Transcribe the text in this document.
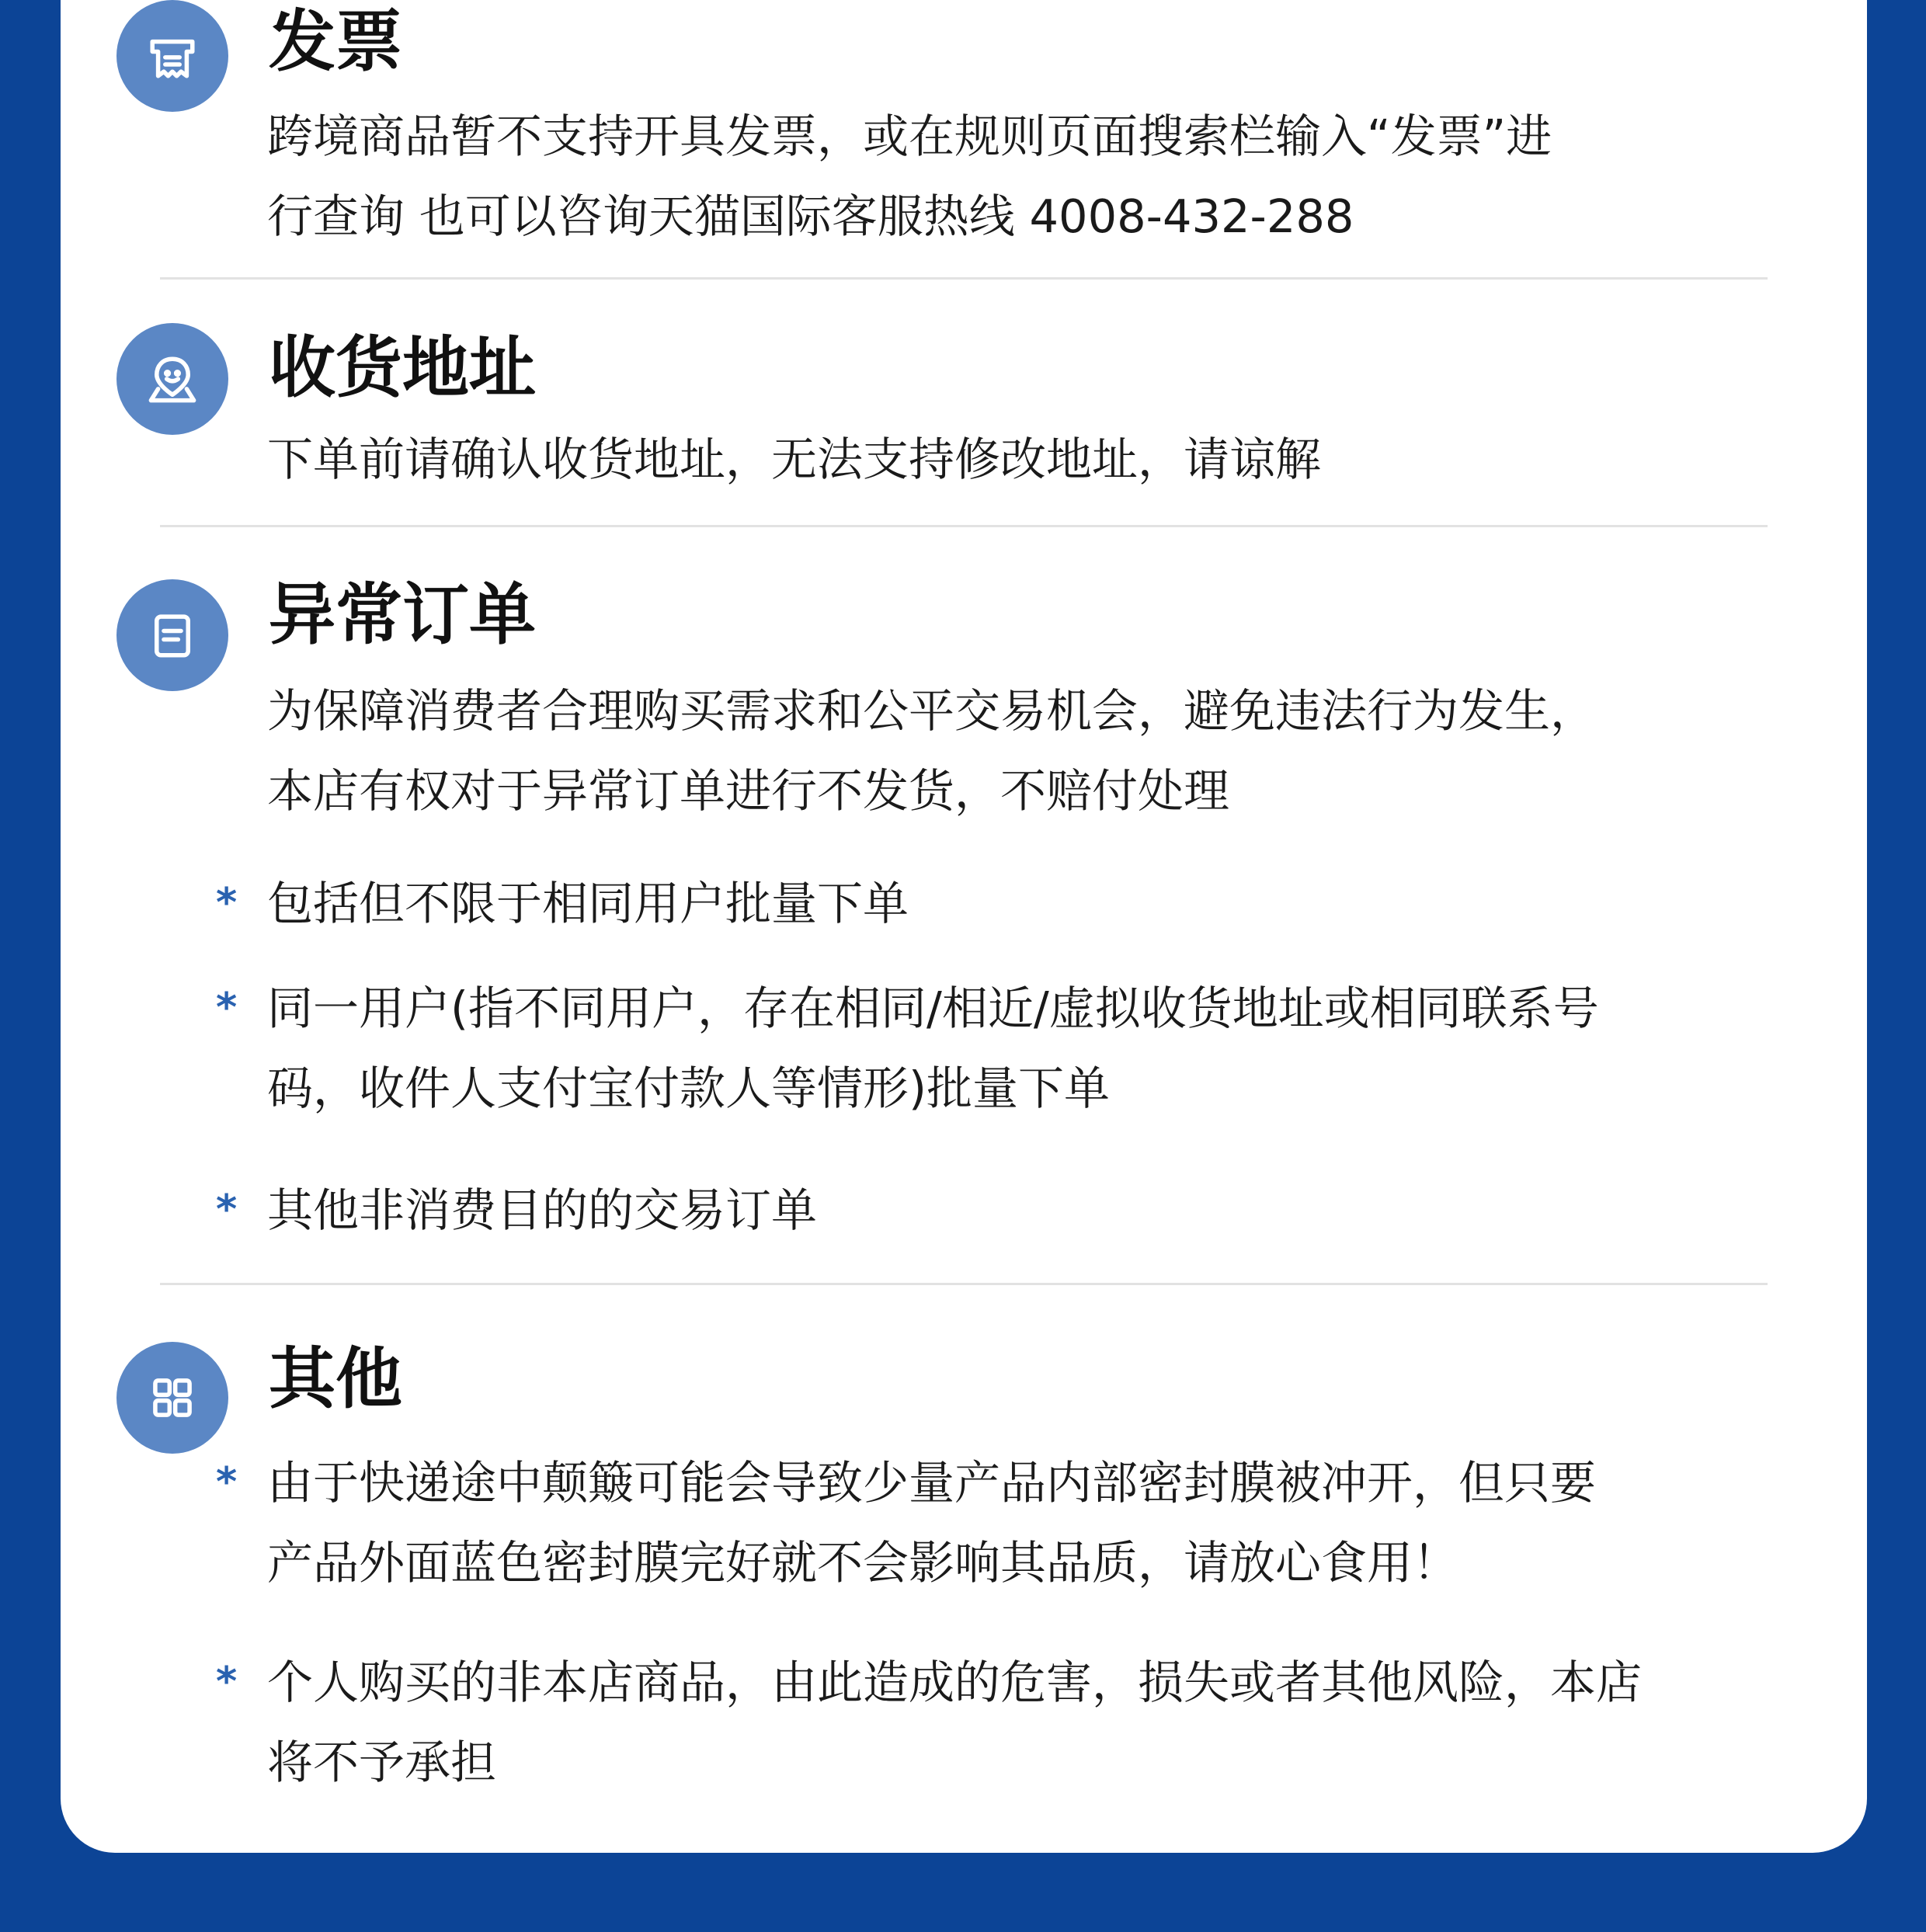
发票

跨境商品暂不支持开具发票，或在规则页面搜索栏输入“发票”进

行查询 也可以咨询天猫国际客服热线 4008-432-288

收货地址

下单前请确认收货地址，无法支持修改地址，请谅解

异常订单

为保障消费者合理购买需求和公平交易机会，避免违法行为发生，

本店有权对于异常订单进行不发货，不赔付处理

* 包括但不限于相同用户批量下单
* 同一用户(指不同用户，存在相同/相近/虚拟收货地址或相同联系号
码，收件人支付宝付款人等情形)批量下单
* 其他非消费目的的交易订单
其他
* 由于快递途中颠簸可能会导致少量产品内部密封膜被冲开，但只要
产品外面蓝色密封膜完好就不会影响其品质，请放心食用！
* 个人购买的非本店商品，由此造成的危害，损失或者其他风险，本店
将不予承担
